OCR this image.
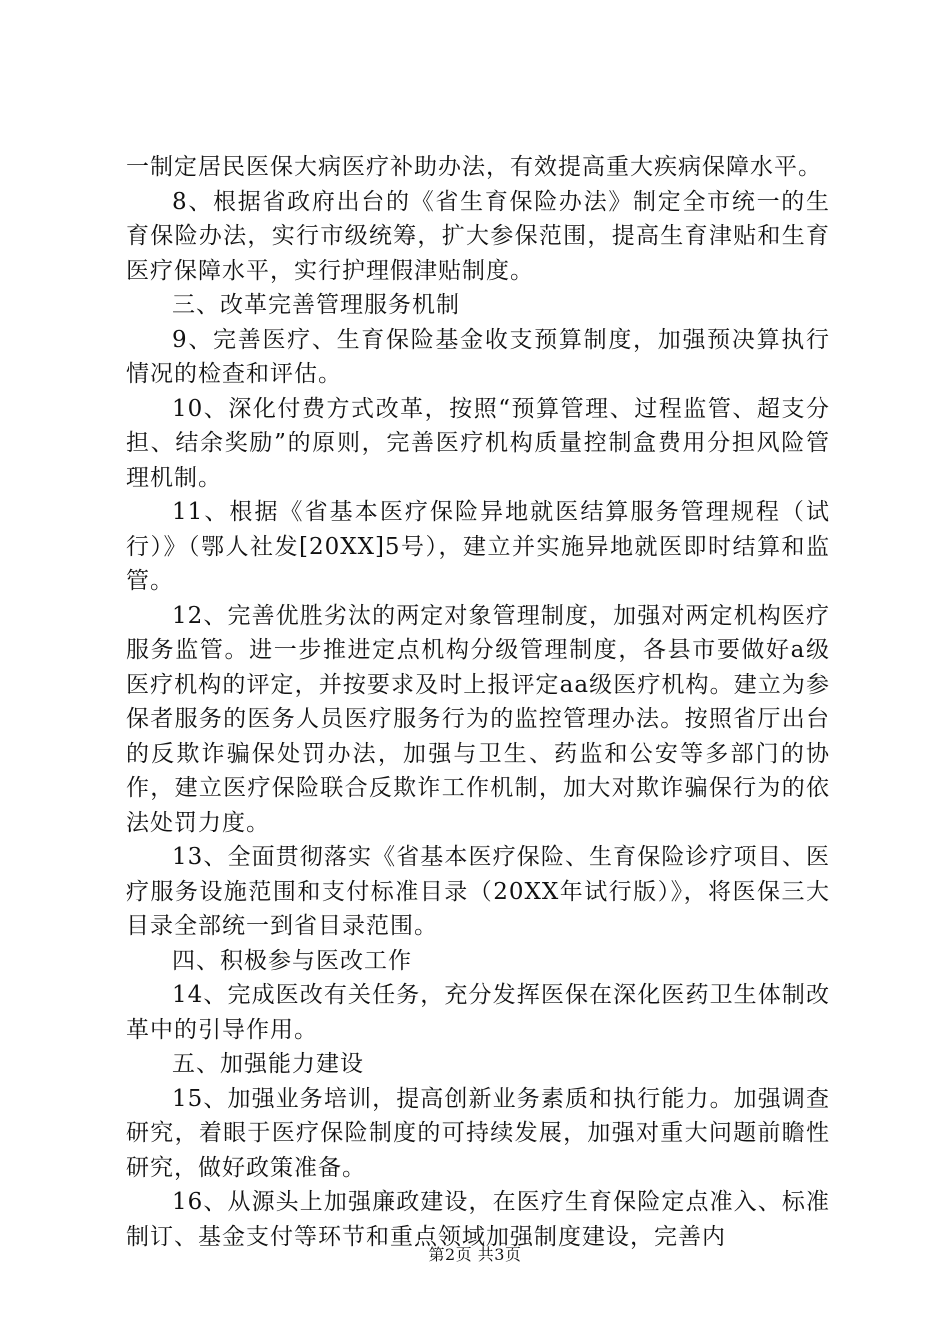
一制定居民医保大病医疗补助办法，有效提高重大疾病保障水平。

8、根据省政府出台的《省生育保险办法》制定全市统一的生育保险办法，实行市级统筹，扩大参保范围，提高生育津贴和生育医疗保障水平，实行护理假津贴制度。

三、改革完善管理服务机制

9、完善医疗、生育保险基金收支预算制度，加强预决算执行情况的检查和评估。

10、深化付费方式改革，按照“预算管理、过程监管、超支分担、结余奖励”的原则，完善医疗机构质量控制盒费用分担风险管理机制。

11、根据《省基本医疗保险异地就医结算服务管理规程（试行）》（鄂人社发[20XX]5号），建立并实施异地就医即时结算和监管。

12、完善优胜劣汰的两定对象管理制度，加强对两定机构医疗服务监管。进一步推进定点机构分级管理制度，各县市要做好a级医疗机构的评定，并按要求及时上报评定aa级医疗机构。建立为参保者服务的医务人员医疗服务行为的监控管理办法。按照省厅出台的反欺诈骗保处罚办法，加强与卫生、药监和公安等多部门的协作，建立医疗保险联合反欺诈工作机制，加大对欺诈骗保行为的依法处罚力度。

13、全面贯彻落实《省基本医疗保险、生育保险诊疗项目、医疗服务设施范围和支付标准目录（20XX年试行版）》，将医保三大目录全部统一到省目录范围。

四、积极参与医改工作

14、完成医改有关任务，充分发挥医保在深化医药卫生体制改革中的引导作用。

五、加强能力建设

15、加强业务培训，提高创新业务素质和执行能力。加强调查研究，着眼于医疗保险制度的可持续发展，加强对重大问题前瞻性研究，做好政策准备。

16、从源头上加强廉政建设，在医疗生育保险定点准入、标准制订、基金支付等环节和重点领域加强制度建设，完善内

第2页 共3页
